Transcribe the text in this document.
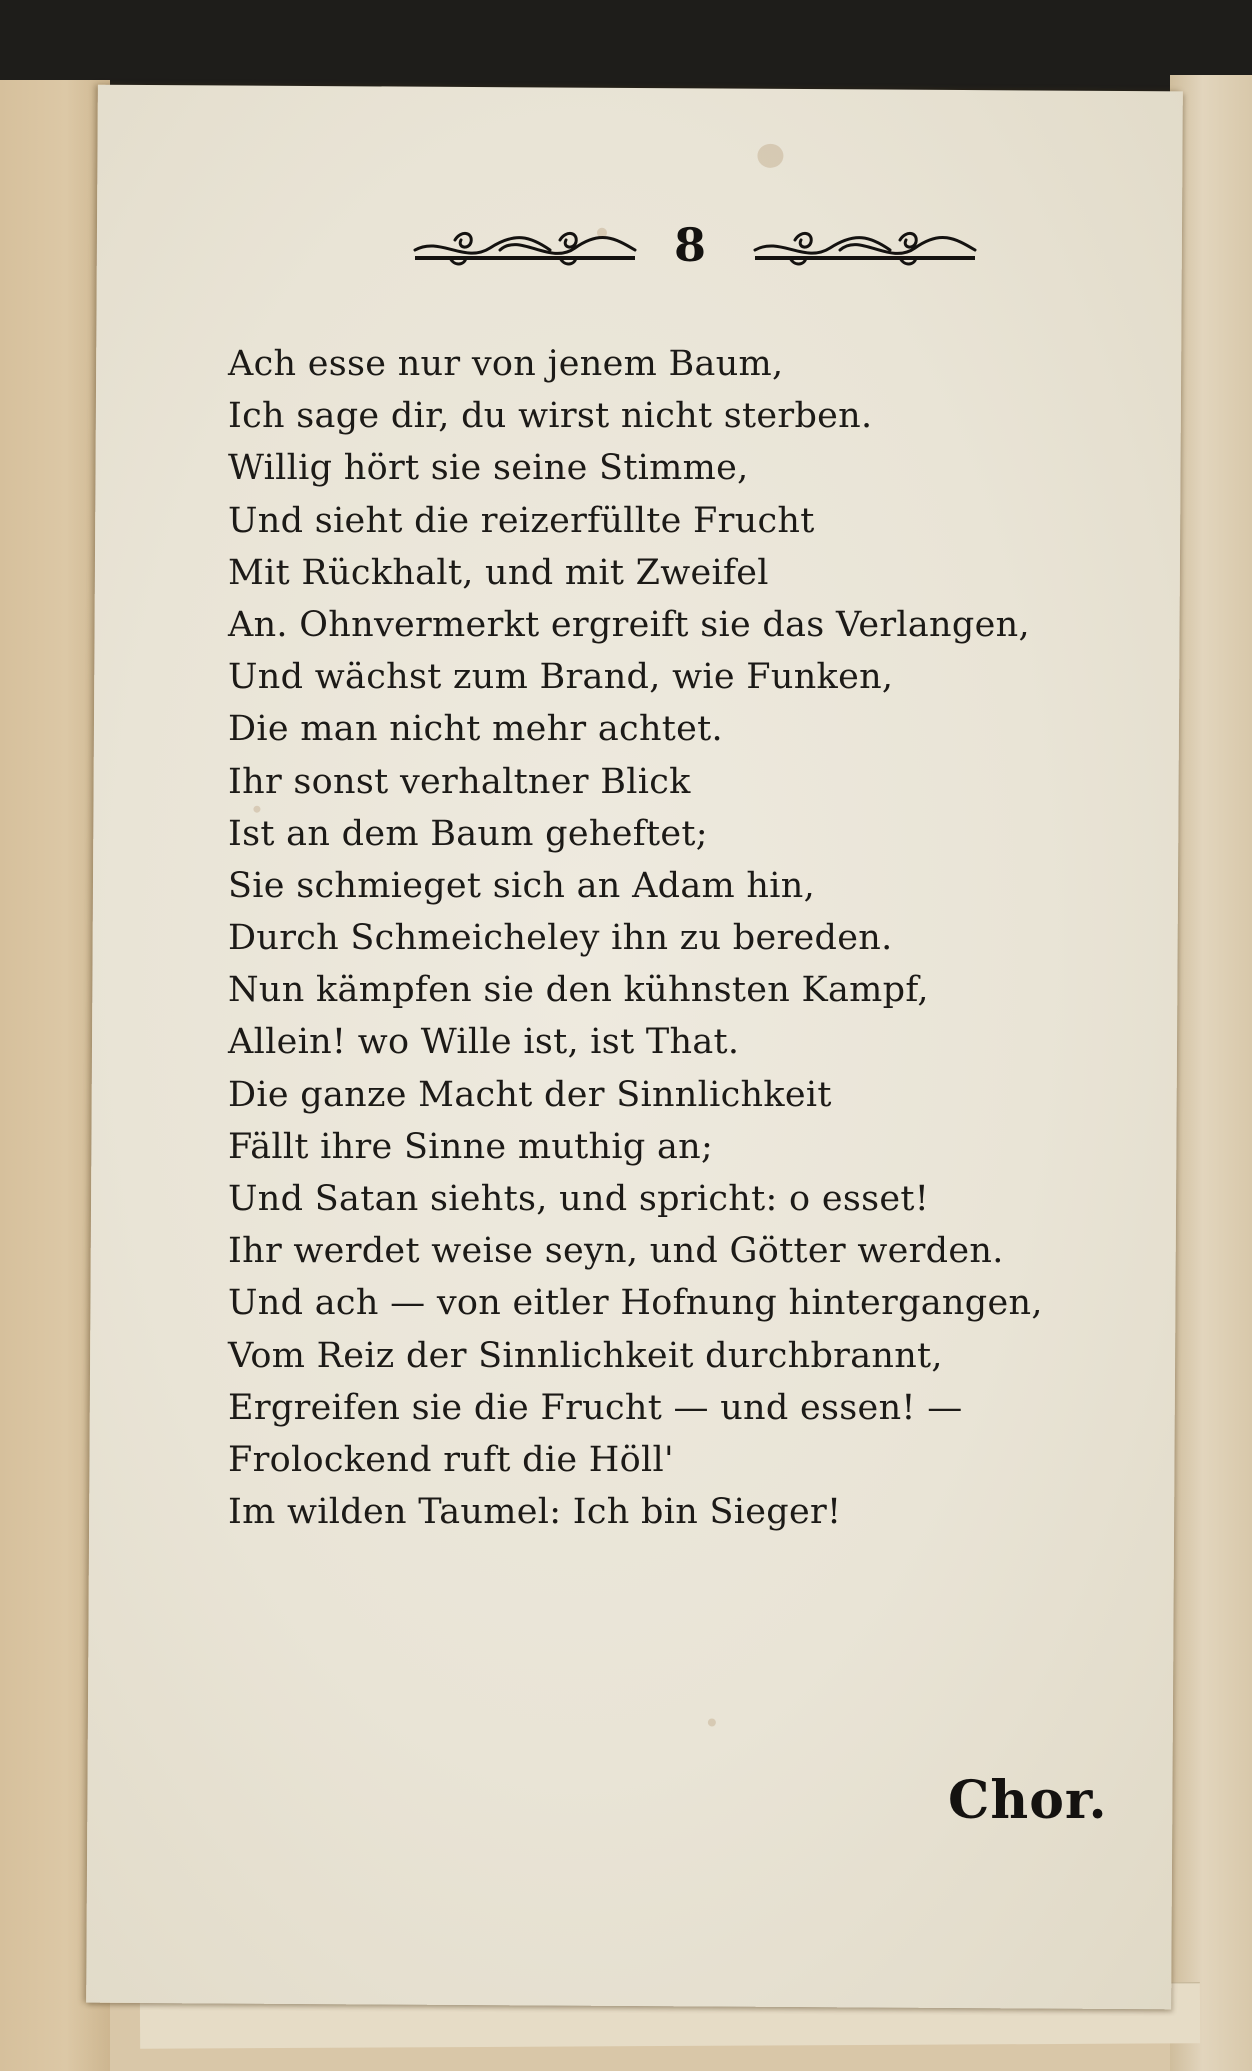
8
Ach esse nur von jenem Baum,
Ich sage dir, du wirst nicht sterben.
Willig hört sie seine Stimme,
Und sieht die reizerfüllte Frucht
Mit Rückhalt, und mit Zweifel
An. Ohnvermerkt ergreift sie das Verlangen,
Und wächst zum Brand, wie Funken,
Die man nicht mehr achtet.
Ihr sonst verhaltner Blick
Ist an dem Baum geheftet;
Sie schmieget sich an Adam hin,
Durch Schmeicheley ihn zu bereden.
Nun kämpfen sie den kühnsten Kampf,
Allein! wo Wille ist, ist That.
Die ganze Macht der Sinnlichkeit
Fällt ihre Sinne muthig an;
Und Satan siehts, und spricht: o esset!
Ihr werdet weise seyn, und Götter werden.
Und ach — von eitler Hofnung hintergangen,
Vom Reiz der Sinnlichkeit durchbrannt,
Ergreifen sie die Frucht — und essen! —
Frolockend ruft die Höll'
Im wilden Taumel: Ich bin Sieger!
Chor.
